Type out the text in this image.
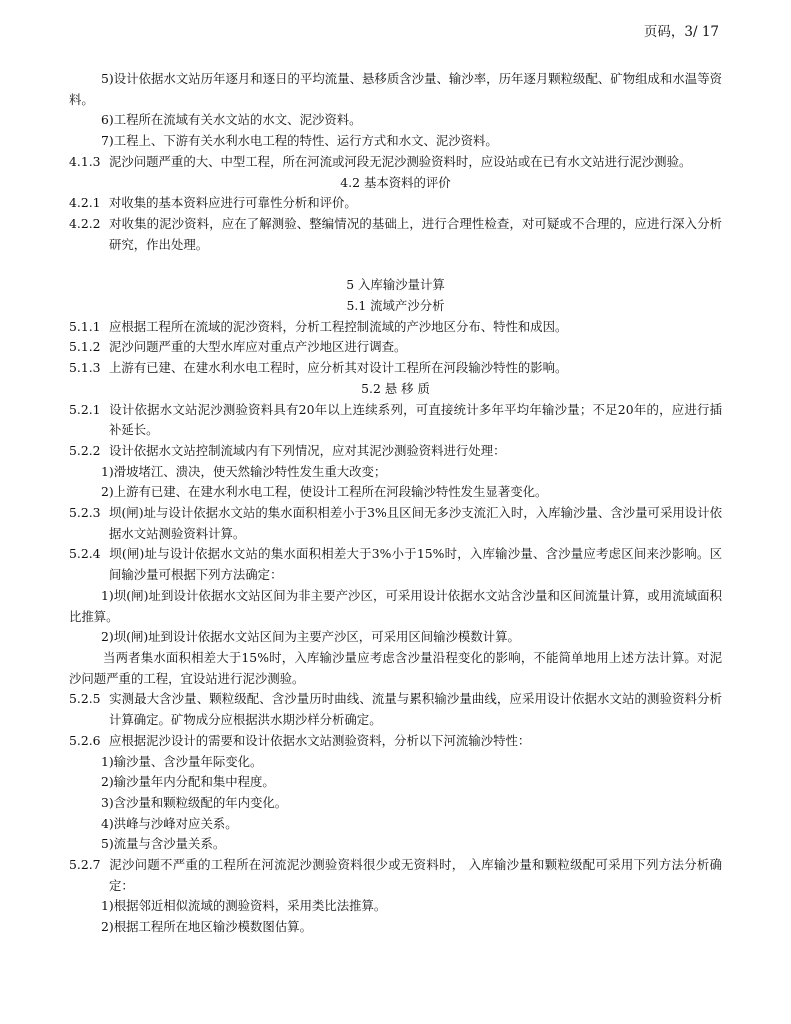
页码，3/ 17

5)设计依据水文站历年逐月和逐日的平均流量、悬移质含沙量、输沙率，历年逐月颗粒级配、矿物组成和水温等资料。

6)工程所在流域有关水文站的水文、泥沙资料。

7)工程上、下游有关水利水电工程的特性、运行方式和水文、泥沙资料。

4.1.3 泥沙问题严重的大、中型工程，所在河流或河段无泥沙测验资料时，应设站或在已有水文站进行泥沙测验。

4.2 基本资料的评价

4.2.1 对收集的基本资料应进行可靠性分析和评价。

4.2.2 对收集的泥沙资料，应在了解测验、整编情况的基础上，进行合理性检查，对可疑或不合理的，应进行深入分析研究，作出处理。

5 入库输沙量计算

5.1 流域产沙分析

5.1.1 应根据工程所在流域的泥沙资料，分析工程控制流域的产沙地区分布、特性和成因。

5.1.2 泥沙问题严重的大型水库应对重点产沙地区进行调查。

5.1.3 上游有已建、在建水利水电工程时，应分析其对设计工程所在河段输沙特性的影响。

5.2 悬 移 质

5.2.1 设计依据水文站泥沙测验资料具有20年以上连续系列，可直接统计多年平均年输沙量；不足20年的，应进行插补延长。

5.2.2 设计依据水文站控制流域内有下列情况，应对其泥沙测验资料进行处理：

1)滑坡堵江、溃决，使天然输沙特性发生重大改变；

2)上游有已建、在建水利水电工程，使设计工程所在河段输沙特性发生显著变化。

5.2.3 坝(闸)址与设计依据水文站的集水面积相差小于3%且区间无多沙支流汇入时，入库输沙量、含沙量可采用设计依据水文站测验资料计算。

5.2.4 坝(闸)址与设计依据水文站的集水面积相差大于3%小于15%时，入库输沙量、含沙量应考虑区间来沙影响。区间输沙量可根据下列方法确定：

1)坝(闸)址到设计依据水文站区间为非主要产沙区，可采用设计依据水文站含沙量和区间流量计算，或用流域面积比推算。

2)坝(闸)址到设计依据水文站区间为主要产沙区，可采用区间输沙模数计算。

当两者集水面积相差大于15%时，入库输沙量应考虑含沙量沿程变化的影响，不能简单地用上述方法计算。对泥沙问题严重的工程，宜设站进行泥沙测验。

5.2.5 实测最大含沙量、颗粒级配、含沙量历时曲线、流量与累积输沙量曲线，应采用设计依据水文站的测验资料分析计算确定。矿物成分应根据洪水期沙样分析确定。

5.2.6 应根据泥沙设计的需要和设计依据水文站测验资料，分析以下河流输沙特性：

1)输沙量、含沙量年际变化。

2)输沙量年内分配和集中程度。

3)含沙量和颗粒级配的年内变化。

4)洪峰与沙峰对应关系。

5)流量与含沙量关系。

5.2.7 泥沙问题不严重的工程所在河流泥沙测验资料很少或无资料时， 入库输沙量和颗粒级配可采用下列方法分析确定：

1)根据邻近相似流域的测验资料，采用类比法推算。

2)根据工程所在地区输沙模数图估算。
